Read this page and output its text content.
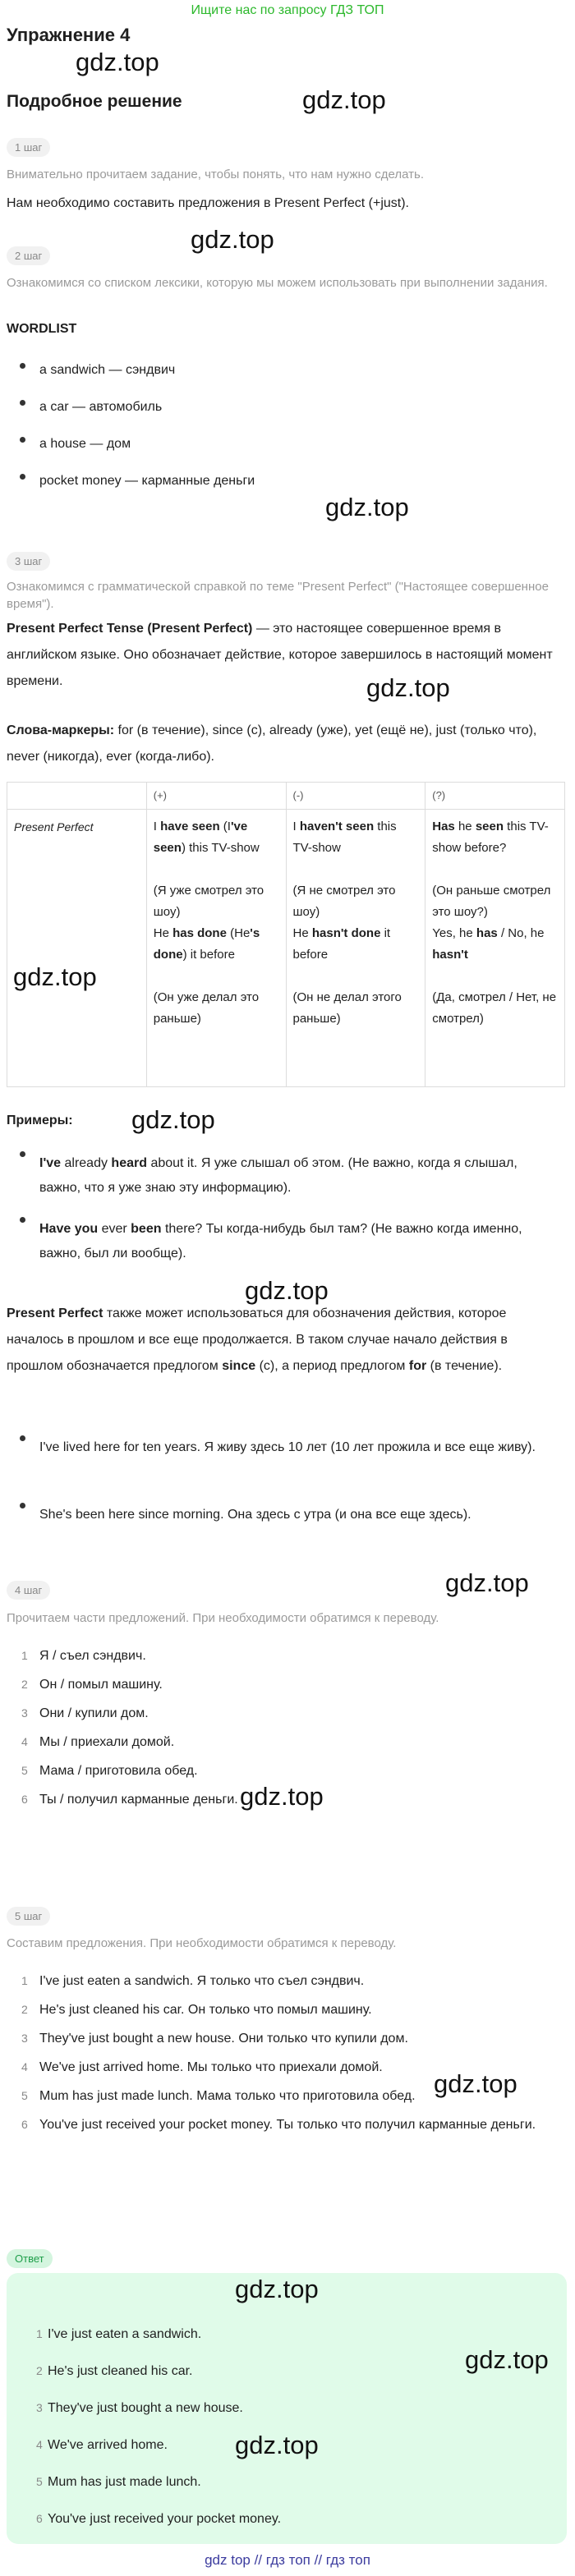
Ищите нас по запросу ГДЗ ТОП
Упражнение 4
Подробное решение
gdz.top
gdz.top
gdz.top
gdz.top
gdz.top
gdz.top
gdz.top
gdz.top
gdz.top
gdz.top
gdz.top
1 шаг
Внимательно прочитаем задание, чтобы понять, что нам нужно сделать.
Нам необходимо составить предложения в Present Perfect (+just).
2 шаг
Ознакомимся со списком лексики, которую мы можем использовать при выполнении задания.
WORDLIST
a sandwich — сэндвич
a car — автомобиль
a house — дом
pocket money — карманные деньги
3 шаг
Ознакомимся с грамматической справкой по теме "Present Perfect" ("Настоящее совершенное время").
Present Perfect Tense (Present Perfect) — это настоящее совершенное время в английском языке. Оно обозначает действие, которое завершилось в настоящий момент времени.
Слова-маркеры: for (в течение), since (с), already (уже), yet (ещё не), just (только что), never (никогда), ever (когда-либо).
	(+)	(-)	(?)
Present Perfect	I have seen (I've seen) this TV-show

(Я уже смотрел это шоу)
He has done (He's done) it before

(Он уже делал это раньше)	I haven't seen this TV-show

(Я не смотрел это шоу)
He hasn't done it before

(Он не делал этого раньше)	Has he seen this TV-show before?

(Он раньше смотрел это шоу?)
Yes, he has / No, he hasn't

(Да, смотрел / Нет, не смотрел)
Примеры:
I've already heard about it. Я уже слышал об этом. (Не важно, когда я слышал, важно, что я уже знаю эту информацию).
Have you ever been there? Ты когда-нибудь был там? (Не важно когда именно, важно, был ли вообще).
Present Perfect также может использоваться для обозначения действия, которое началось в прошлом и все еще продолжается. В таком случае начало действия в прошлом обозначается предлогом since (с), а период предлогом for (в течение).
I've lived here for ten years. Я живу здесь 10 лет (10 лет прожила и все еще живу).
She's been here since morning. Она здесь с утра (и она все еще здесь).
4 шаг
Прочитаем части предложений. При необходимости обратимся к переводу.
1 Я / съел сэндвич.
2 Он / помыл машину.
3 Они / купили дом.
4 Мы / приехали домой.
5 Мама / приготовила обед.
6 Ты / получил карманные деньги.
5 шаг
Составим предложения. При необходимости обратимся к переводу.
1 I've just eaten a sandwich. Я только что съел сэндвич.
2 He's just cleaned his car. Он только что помыл машину.
3 They've just bought a new house. Они только что купили дом.
4 We've just arrived home. Мы только что приехали домой.
5 Mum has just made lunch. Мама только что приготовила обед.
6 You've just received your pocket money. Ты только что получил карманные деньги.
Ответ
1 I've just eaten a sandwich.
2 He's just cleaned his car.
3 They've just bought a new house.
4 We've arrived home.
5 Mum has just made lunch.
6 You've just received your pocket money.
gdz.top
gdz.top
gdz.top
gdz top // гдз топ // гдз топ
